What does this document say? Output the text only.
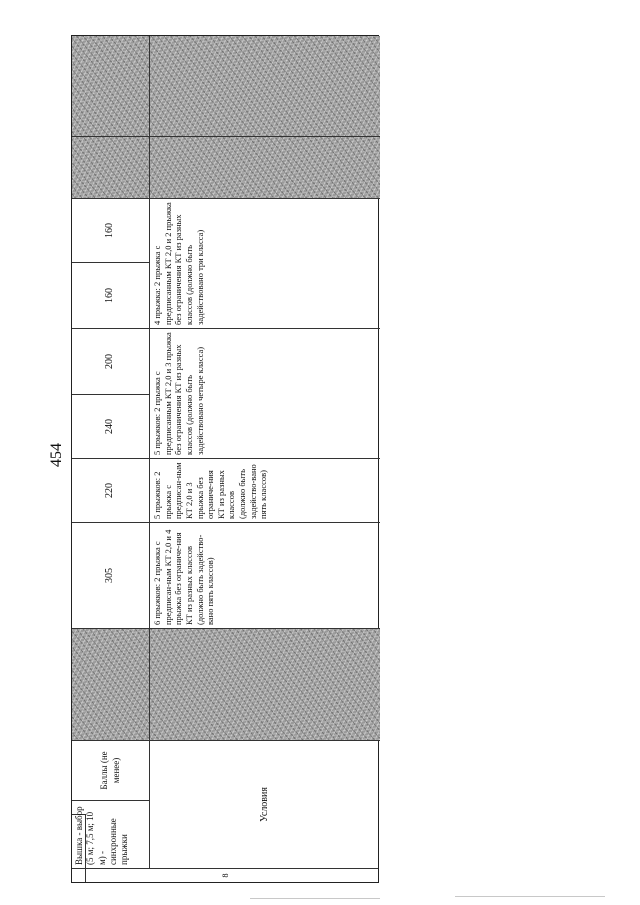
454
8
Вышка - выбор (5 м; 7,5 м; 10 м) - синхронные прыжки
Баллы (не менее)
Условия
305	6 прыжков: 2 прыжка с предписан-ным КТ 2,0 и 4 прыжка без ограниче-ния КТ из разных классов (должно быть задейство-вано пять классов)
220	5 прыжков: 2 прыжка с предписан-ным КТ 2,0 и 3 прыжка без ограниче-ния КТ из разных классов (должно быть задейство-вано пять классов)
240
200
5 прыжков: 2 прыжка с предписанным КТ 2,0 и 3 прыжка без ограничения КТ из разных классов (должно быть задействовано четыре класса)
160
160
4 прыжка: 2 прыжка с предписанным КТ 2,0 и 2 прыжка без ограничения КТ из разных классов (должно быть задействовано три класса)
